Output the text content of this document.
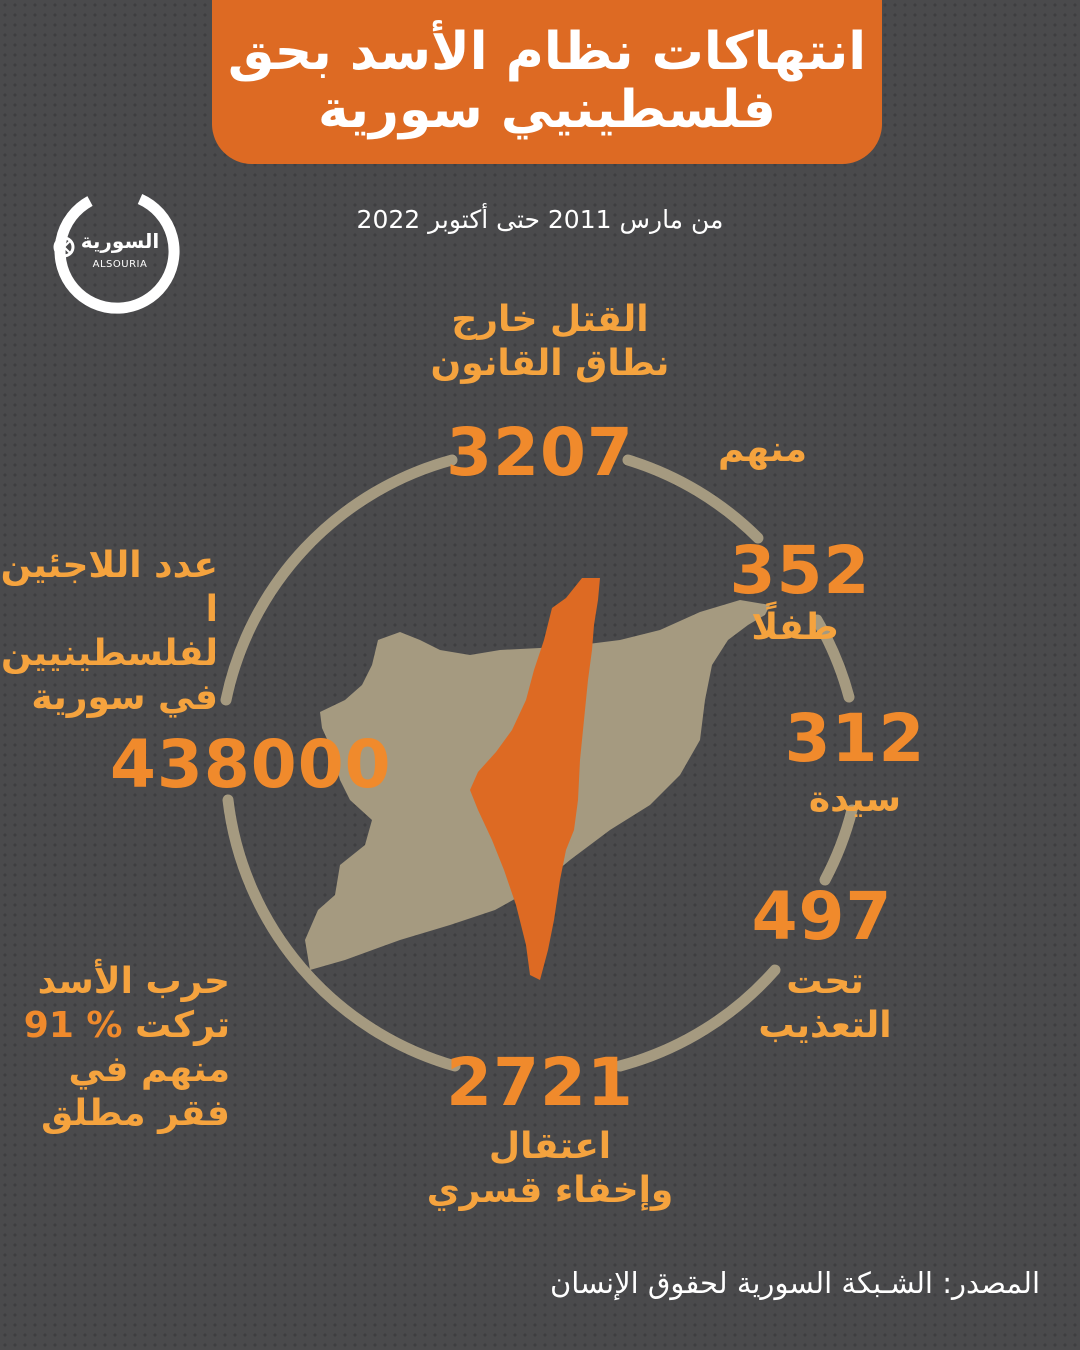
انتهاكات نظام الأسد بحق
فلسطينيي سورية
من مارس 2011 حتى أكتوبر 2022
السورية
ALSOURIA
القتل خارج
نطاق القانون
3207	منهم
352
طفلًا
312
سيدة
497
تحت
التعذيب
2721
اعتقال
وإخفاء قسري
عدد اللاجئين
ا لفلسطينيين
في سورية
438000
حرب الأسد
تركت 91 %
منهم في
فقر مطلق
المصدر: الشـبكة السورية لحقوق الإنسان
